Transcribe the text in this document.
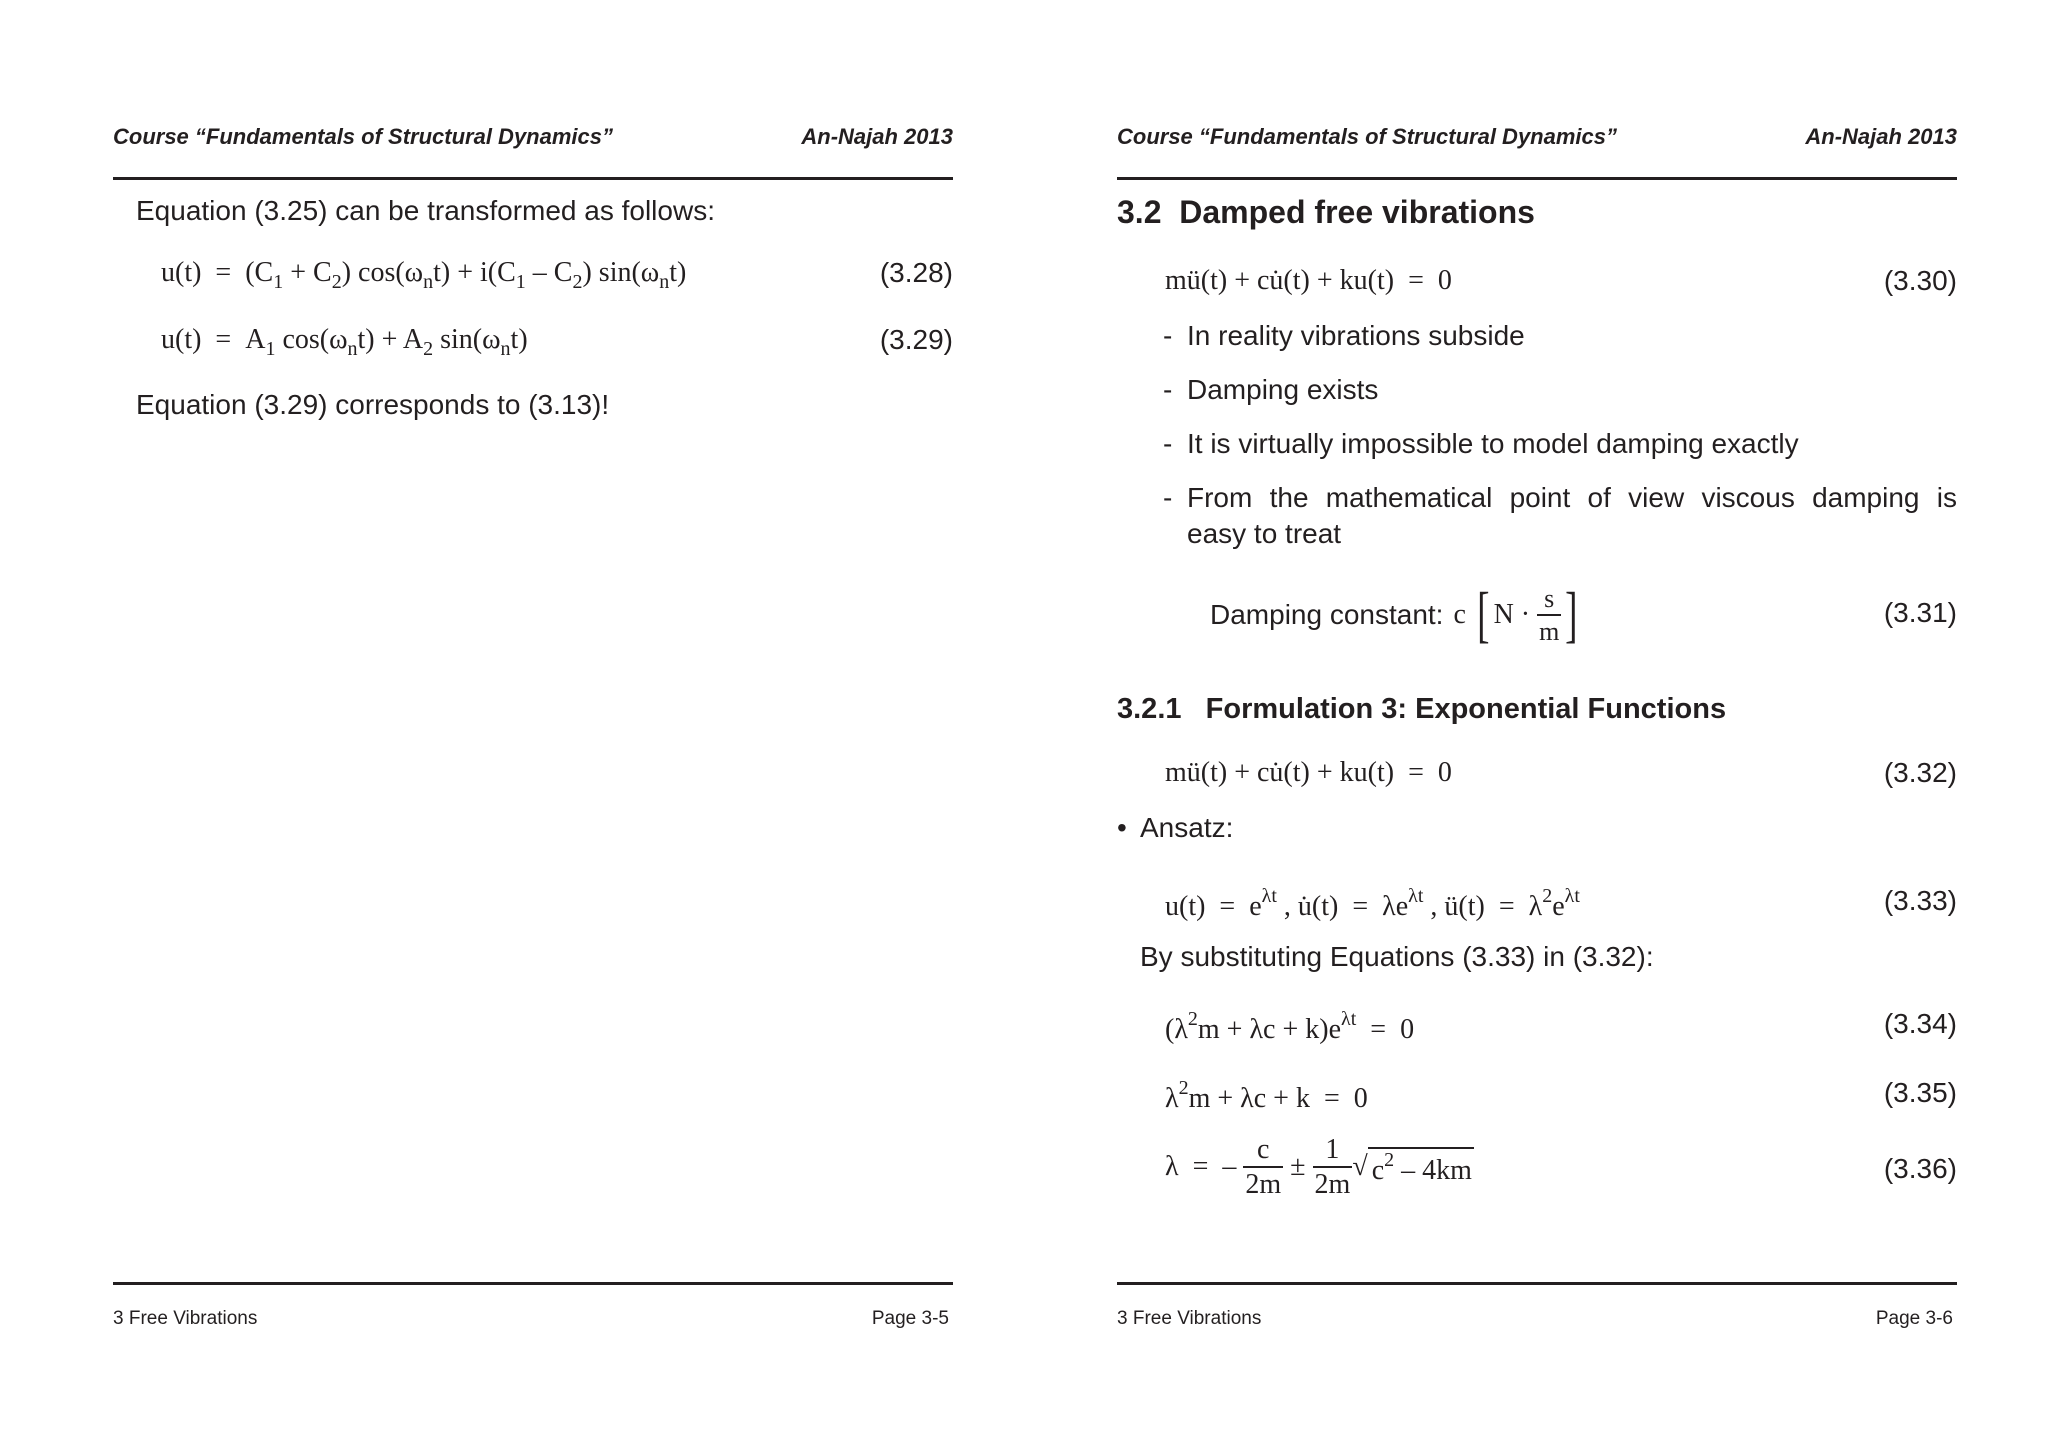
Course “Fundamentals of Structural Dynamics”	An-Najah 2013
Equation (3.25) can be transformed as follows:
$u(t) = (C_1 + C_2) \cos(\omega_nt) + i(C_1 - C_2)$ $\sin(\omega_nt)$	(3.28)
$u(t) = A_1$ $\cos(\omega_nt) + A_2$ $\sin(\omega_nt)$	(3.29)
Equation (3.29) corresponds to (3.13)!
3 Free Vibrations	Page 3-5
Course “Fundamentals of Structural Dynamics”	An-Najah 2013
3.2 Damped free vibrations
mü(t) + cu̇(t) + ku(t)  =  0	(3.30)
- In reality vibrations subside
- Damping exists
- It is virtually impossible to model damping exactly
- From the mathematical point of view viscous damping is
easy to treat
Damping constant: c [ $N \cdot \frac{s}{m}$ ]	(3.31)
3.2.1 Formulation 3: Exponential Functions
mü(t) + cu̇(t) + ku(t)  =  0	(3.32)
• Ansatz:
$u(t) = e^{\lambda t}$ , u̇(t)  =  $\lambda e^{\lambda t}$ , ü(t)  =  $\lambda^2e^{\lambda t}$	(3.33)
By substituting Equations (3.33) in (3.32):
$(\lambda^2m + \lambda c + k)e^{\lambda t} = 0$	(3.34)
$\lambda^2m + \lambda c + k = 0$	(3.35)
λ  =  – $\frac{c}{2m} \pm \frac{1}{2m}$ √ $c^2 - 4km$	(3.36)
3 Free Vibrations	Page 3-6
